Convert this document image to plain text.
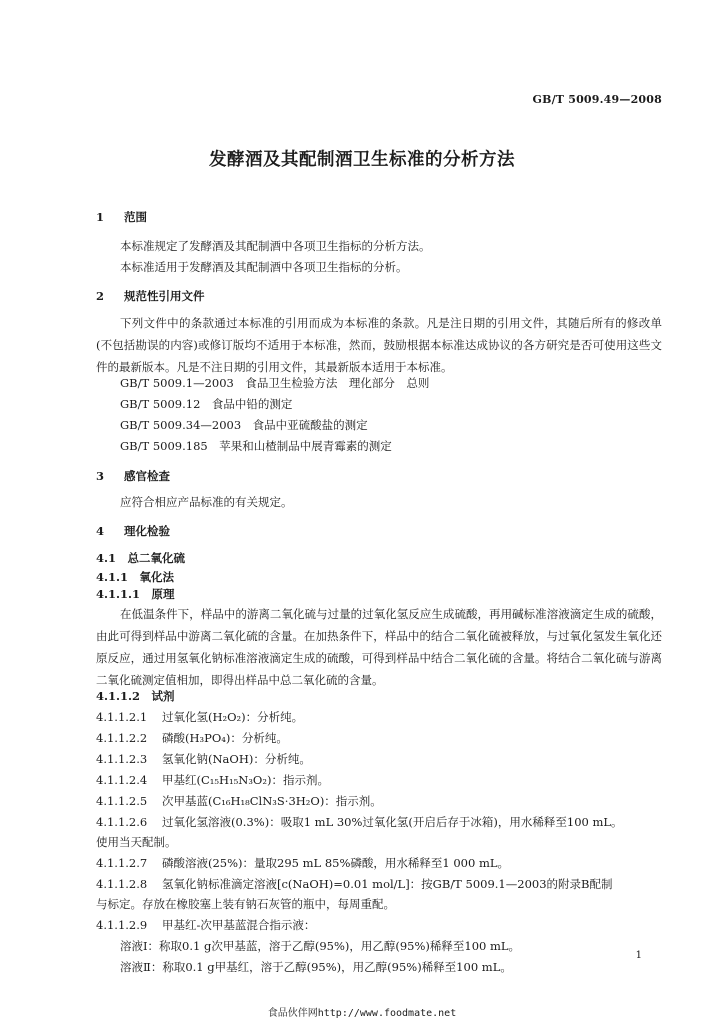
GB/T 5009.49—2008
发酵酒及其配制酒卫生标准的分析方法
1 范围
本标准规定了发酵酒及其配制酒中各项卫生指标的分析方法。
本标准适用于发酵酒及其配制酒中各项卫生指标的分析。
2 规范性引用文件
下列文件中的条款通过本标准的引用而成为本标准的条款。凡是注日期的引用文件，其随后所有的修改单(不包括勘误的内容)或修订版均不适用于本标准，然而，鼓励根据本标准达成协议的各方研究是否可使用这些文件的最新版本。凡是不注日期的引用文件，其最新版本适用于本标准。
GB/T 5009.1—2003　食品卫生检验方法　理化部分　总则
GB/T 5009.12　食品中铅的测定
GB/T 5009.34—2003　食品中亚硫酸盐的测定
GB/T 5009.185　苹果和山楂制品中展青霉素的测定
3 感官检查
应符合相应产品标准的有关规定。
4 理化检验
4.1　 总二氧化硫
4.1.1　 氧化法
4.1.1.1　 原理
在低温条件下，样品中的游离二氧化硫与过量的过氧化氢反应生成硫酸，再用碱标准溶液滴定生成的硫酸，由此可得到样品中游离二氧化硫的含量。在加热条件下，样品中的结合二氧化硫被释放，与过氧化氢发生氧化还原反应，通过用氢氧化钠标准溶液滴定生成的硫酸，可得到样品中结合二氧化硫的含量。将结合二氧化硫与游离二氧化硫测定值相加，即得出样品中总二氧化硫的含量。
4.1.1.2　 试剂
4.1.1.2.1 过氧化氢(H₂O₂)：分析纯。
4.1.1.2.2 磷酸(H₃PO₄)：分析纯。
4.1.1.2.3 氢氧化钠(NaOH)：分析纯。
4.1.1.2.4 甲基红(C₁₅H₁₅N₃O₂)：指示剂。
4.1.1.2.5 次甲基蓝(C₁₆H₁₈ClN₃S·3H₂O)：指示剂。
4.1.1.2.6 过氧化氢溶液(0.3%)：吸取1 mL 30%过氧化氢(开启后存于冰箱)，用水稀释至100 mL。
使用当天配制。
4.1.1.2.7 磷酸溶液(25%)：量取295 mL 85%磷酸，用水稀释至1 000 mL。
4.1.1.2.8 氢氧化钠标准滴定溶液[c(NaOH)=0.01 mol/L]：按GB/T 5009.1—2003的附录B配制
与标定。存放在橡胶塞上装有钠石灰管的瓶中，每周重配。
4.1.1.2.9 甲基红-次甲基蓝混合指示液：
溶液Ⅰ：称取0.1 g次甲基蓝，溶于乙醇(95%)，用乙醇(95%)稀释至100 mL。
溶液Ⅱ：称取0.1 g甲基红，溶于乙醇(95%)，用乙醇(95%)稀释至100 mL。
1
食品伙伴网http://www.foodmate.net
